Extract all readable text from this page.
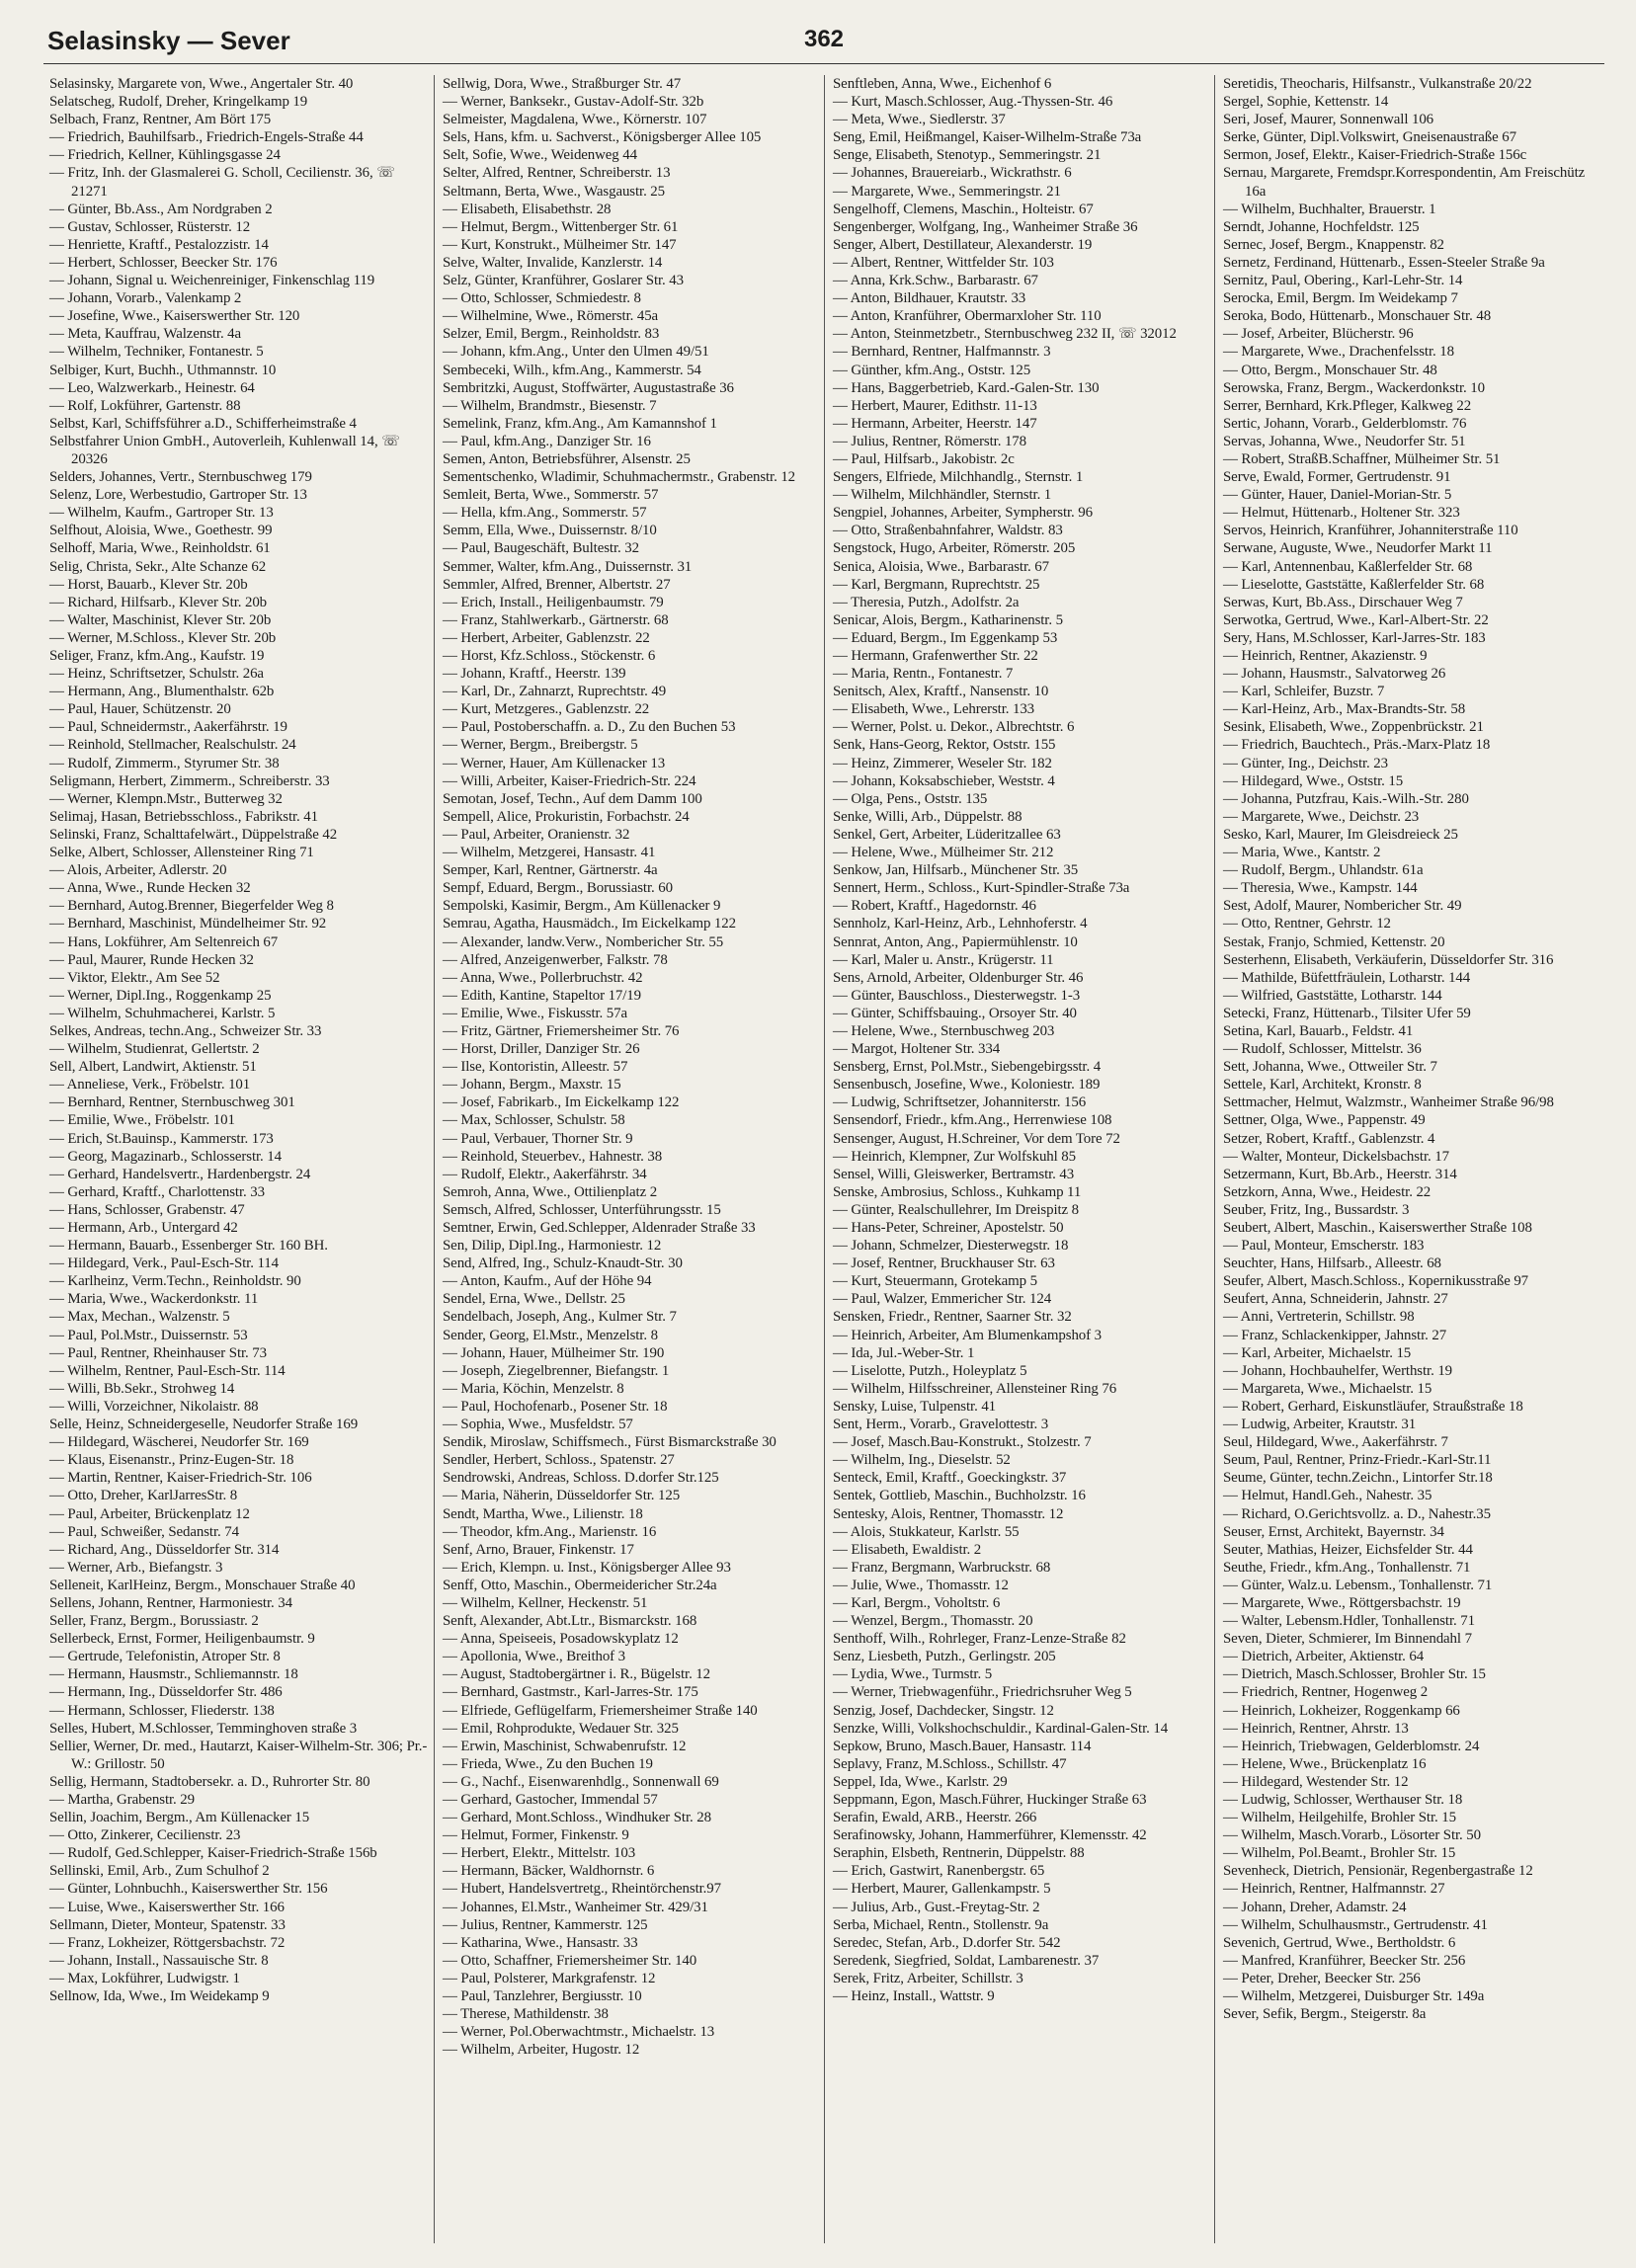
Selasinsky — Sever	362

Selasinsky, Margarete von, Wwe., Angertaler Str. 40

Selatscheg, Rudolf, Dreher, Kringelkamp 19

Selbach, Franz, Rentner, Am Bört 175

— Friedrich, Bauhilfsarb., Friedrich-Engels-Straße 44

— Friedrich, Kellner, Kühlingsgasse 24

— Fritz, Inh. der Glasmalerei G. Scholl, Cecilienstr. 36, ☏ 21271

— Günter, Bb.Ass., Am Nordgraben 2

— Gustav, Schlosser, Rüsterstr. 12

— Henriette, Kraftf., Pestalozzistr. 14

— Herbert, Schlosser, Beecker Str. 176

— Johann, Signal u. Weichenreiniger, Finkenschlag 119

— Johann, Vorarb., Valenkamp 2

— Josefine, Wwe., Kaiserswerther Str. 120

— Meta, Kauffrau, Walzenstr. 4a

— Wilhelm, Techniker, Fontanestr. 5

Selbiger, Kurt, Buchh., Uthmannstr. 10

— Leo, Walzwerkarb., Heinestr. 64

— Rolf, Lokführer, Gartenstr. 88

Selbst, Karl, Schiffsführer a.D., Schifferheimstraße 4

Selbstfahrer Union GmbH., Autoverleih, Kuhlenwall 14, ☏ 20326

Selders, Johannes, Vertr., Sternbuschweg 179

Selenz, Lore, Werbestudio, Gartroper Str. 13

— Wilhelm, Kaufm., Gartroper Str. 13

Selfhout, Aloisia, Wwe., Goethestr. 99

Selhoff, Maria, Wwe., Reinholdstr. 61

Selig, Christa, Sekr., Alte Schanze 62

— Horst, Bauarb., Klever Str. 20b

— Richard, Hilfsarb., Klever Str. 20b

— Walter, Maschinist, Klever Str. 20b

— Werner, M.Schloss., Klever Str. 20b

Seliger, Franz, kfm.Ang., Kaufstr. 19

— Heinz, Schriftsetzer, Schulstr. 26a

— Hermann, Ang., Blumenthalstr. 62b

— Paul, Hauer, Schützenstr. 20

— Paul, Schneidermstr., Aakerfährstr. 19

— Reinhold, Stellmacher, Realschulstr. 24

— Rudolf, Zimmerm., Styrumer Str. 38

Seligmann, Herbert, Zimmerm., Schreiberstr. 33

— Werner, Klempn.Mstr., Butterweg 32

Selimaj, Hasan, Betriebsschloss., Fabrikstr. 41

Selinski, Franz, Schalttafelwärt., Düppelstraße 42

Selke, Albert, Schlosser, Allensteiner Ring 71

— Alois, Arbeiter, Adlerstr. 20

— Anna, Wwe., Runde Hecken 32

— Bernhard, Autog.Brenner, Biegerfelder Weg 8

— Bernhard, Maschinist, Mündelheimer Str. 92

— Hans, Lokführer, Am Seltenreich 67

— Paul, Maurer, Runde Hecken 32

— Viktor, Elektr., Am See 52

— Werner, Dipl.Ing., Roggenkamp 25

— Wilhelm, Schuhmacherei, Karlstr. 5

Selkes, Andreas, techn.Ang., Schweizer Str. 33

— Wilhelm, Studienrat, Gellertstr. 2

Sell, Albert, Landwirt, Aktienstr. 51

— Anneliese, Verk., Fröbelstr. 101

— Bernhard, Rentner, Sternbuschweg 301

— Emilie, Wwe., Fröbelstr. 101

— Erich, St.Bauinsp., Kammerstr. 173

— Georg, Magazinarb., Schlosserstr. 14

— Gerhard, Handelsvertr., Hardenbergstr. 24

— Gerhard, Kraftf., Charlottenstr. 33

— Hans, Schlosser, Grabenstr. 47

— Hermann, Arb., Untergard 42

— Hermann, Bauarb., Essenberger Str. 160 BH.

— Hildegard, Verk., Paul-Esch-Str. 114

— Karlheinz, Verm.Techn., Reinholdstr. 90

— Maria, Wwe., Wackerdonkstr. 11

— Max, Mechan., Walzenstr. 5

— Paul, Pol.Mstr., Duissernstr. 53

— Paul, Rentner, Rheinhauser Str. 73

— Wilhelm, Rentner, Paul-Esch-Str. 114

— Willi, Bb.Sekr., Strohweg 14

— Willi, Vorzeichner, Nikolaistr. 88

Selle, Heinz, Schneidergeselle, Neudorfer Straße 169

— Hildegard, Wäscherei, Neudorfer Str. 169

— Klaus, Eisenanstr., Prinz-Eugen-Str. 18

— Martin, Rentner, Kaiser-Friedrich-Str. 106

— Otto, Dreher, KarlJarresStr. 8

— Paul, Arbeiter, Brückenplatz 12

— Paul, Schweißer, Sedanstr. 74

— Richard, Ang., Düsseldorfer Str. 314

— Werner, Arb., Biefangstr. 3

Selleneit, KarlHeinz, Bergm., Monschauer Straße 40

Sellens, Johann, Rentner, Harmoniestr. 34

Seller, Franz, Bergm., Borussiastr. 2

Sellerbeck, Ernst, Former, Heiligenbaumstr. 9

— Gertrude, Telefonistin, Atroper Str. 8

— Hermann, Hausmstr., Schliemannstr. 18

— Hermann, Ing., Düsseldorfer Str. 486

— Hermann, Schlosser, Fliederstr. 138

Selles, Hubert, M.Schlosser, Temminghoven straße 3

Sellier, Werner, Dr. med., Hautarzt, Kaiser-Wilhelm-Str. 306; Pr.-W.: Grillostr. 50

Sellig, Hermann, Stadtobersekr. a. D., Ruhrorter Str. 80

— Martha, Grabenstr. 29

Sellin, Joachim, Bergm., Am Küllenacker 15

— Otto, Zinkerer, Cecilienstr. 23

— Rudolf, Ged.Schlepper, Kaiser-Friedrich-Straße 156b

Sellinski, Emil, Arb., Zum Schulhof 2

— Günter, Lohnbuchh., Kaiserswerther Str. 156

— Luise, Wwe., Kaiserswerther Str. 166

Sellmann, Dieter, Monteur, Spatenstr. 33

— Franz, Lokheizer, Röttgersbachstr. 72

— Johann, Install., Nassauische Str. 8

— Max, Lokführer, Ludwigstr. 1

Sellnow, Ida, Wwe., Im Weidekamp 9

Sellwig, Dora, Wwe., Straßburger Str. 47

— Werner, Banksekr., Gustav-Adolf-Str. 32b

Selmeister, Magdalena, Wwe., Körnerstr. 107

Sels, Hans, kfm. u. Sachverst., Königsberger Allee 105

Selt, Sofie, Wwe., Weidenweg 44

Selter, Alfred, Rentner, Schreiberstr. 13

Seltmann, Berta, Wwe., Wasgaustr. 25

— Elisabeth, Elisabethstr. 28

— Helmut, Bergm., Wittenberger Str. 61

— Kurt, Konstrukt., Mülheimer Str. 147

Selve, Walter, Invalide, Kanzlerstr. 14

Selz, Günter, Kranführer, Goslarer Str. 43

— Otto, Schlosser, Schmiedestr. 8

— Wilhelmine, Wwe., Römerstr. 45a

Selzer, Emil, Bergm., Reinholdstr. 83

— Johann, kfm.Ang., Unter den Ulmen 49/51

Sembeceki, Wilh., kfm.Ang., Kammerstr. 54

Sembritzki, August, Stoffwärter, Augustastraße 36

— Wilhelm, Brandmstr., Biesenstr. 7

Semelink, Franz, kfm.Ang., Am Kamannshof 1

— Paul, kfm.Ang., Danziger Str. 16

Semen, Anton, Betriebsführer, Alsenstr. 25

Sementschenko, Wladimir, Schuhmachermstr., Grabenstr. 12

Semleit, Berta, Wwe., Sommerstr. 57

— Hella, kfm.Ang., Sommerstr. 57

Semm, Ella, Wwe., Duissernstr. 8/10

— Paul, Baugeschäft, Bultestr. 32

Semmer, Walter, kfm.Ang., Duissernstr. 31

Semmler, Alfred, Brenner, Albertstr. 27

— Erich, Install., Heiligenbaumstr. 79

— Franz, Stahlwerkarb., Gärtnerstr. 68

— Herbert, Arbeiter, Gablenzstr. 22

— Horst, Kfz.Schloss., Stöckenstr. 6

— Johann, Kraftf., Heerstr. 139

— Karl, Dr., Zahnarzt, Ruprechtstr. 49

— Kurt, Metzgeres., Gablenzstr. 22

— Paul, Postoberschaffn. a. D., Zu den Buchen 53

— Werner, Bergm., Breibergstr. 5

— Werner, Hauer, Am Küllenacker 13

— Willi, Arbeiter, Kaiser-Friedrich-Str. 224

Semotan, Josef, Techn., Auf dem Damm 100

Sempell, Alice, Prokuristin, Forbachstr. 24

— Paul, Arbeiter, Oranienstr. 32

— Wilhelm, Metzgerei, Hansastr. 41

Semper, Karl, Rentner, Gärtnerstr. 4a

Sempf, Eduard, Bergm., Borussiastr. 60

Sempolski, Kasimir, Bergm., Am Küllenacker 9

Semrau, Agatha, Hausmädch., Im Eickelkamp 122

— Alexander, landw.Verw., Nombericher Str. 55

— Alfred, Anzeigenwerber, Falkstr. 78

— Anna, Wwe., Pollerbruchstr. 42

— Edith, Kantine, Stapeltor 17/19

— Emilie, Wwe., Fiskusstr. 57a

— Fritz, Gärtner, Friemersheimer Str. 76

— Horst, Driller, Danziger Str. 26

— Ilse, Kontoristin, Alleestr. 57

— Johann, Bergm., Maxstr. 15

— Josef, Fabrikarb., Im Eickelkamp 122

— Max, Schlosser, Schulstr. 58

— Paul, Verbauer, Thorner Str. 9

— Reinhold, Steuerbev., Hahnestr. 38

— Rudolf, Elektr., Aakerfährstr. 34

Semroh, Anna, Wwe., Ottilienplatz 2

Semsch, Alfred, Schlosser, Unterführungsstr. 15

Semtner, Erwin, Ged.Schlepper, Aldenrader Straße 33

Sen, Dilip, Dipl.Ing., Harmoniestr. 12

Send, Alfred, Ing., Schulz-Knaudt-Str. 30

— Anton, Kaufm., Auf der Höhe 94

Sendel, Erna, Wwe., Dellstr. 25

Sendelbach, Joseph, Ang., Kulmer Str. 7

Sender, Georg, El.Mstr., Menzelstr. 8

— Johann, Hauer, Mülheimer Str. 190

— Joseph, Ziegelbrenner, Biefangstr. 1

— Maria, Köchin, Menzelstr. 8

— Paul, Hochofenarb., Posener Str. 18

— Sophia, Wwe., Musfeldstr. 57

Sendik, Miroslaw, Schiffsmech., Fürst Bismarckstraße 30

Sendler, Herbert, Schloss., Spatenstr. 27

Sendrowski, Andreas, Schloss. D.dorfer Str.125

— Maria, Näherin, Düsseldorfer Str. 125

Sendt, Martha, Wwe., Lilienstr. 18

— Theodor, kfm.Ang., Marienstr. 16

Senf, Arno, Brauer, Finkenstr. 17

— Erich, Klempn. u. Inst., Königsberger Allee 93

Senff, Otto, Maschin., Obermeidericher Str.24a

— Wilhelm, Kellner, Heckenstr. 51

Senft, Alexander, Abt.Ltr., Bismarckstr. 168

— Anna, Speiseeis, Posadowskyplatz 12

— Apollonia, Wwe., Breithof 3

— August, Stadtobergärtner i. R., Bügelstr. 12

— Bernhard, Gastmstr., Karl-Jarres-Str. 175

— Elfriede, Geflügelfarm, Friemersheimer Straße 140

— Emil, Rohprodukte, Wedauer Str. 325

— Erwin, Maschinist, Schwabenrufstr. 12

— Frieda, Wwe., Zu den Buchen 19

— G., Nachf., Eisenwarenhdlg., Sonnenwall 69

— Gerhard, Gastocher, Immendal 57

— Gerhard, Mont.Schloss., Windhuker Str. 28

— Helmut, Former, Finkenstr. 9

— Herbert, Elektr., Mittelstr. 103

— Hermann, Bäcker, Waldhornstr. 6

— Hubert, Handelsvertretg., Rheintörchenstr.97

— Johannes, El.Mstr., Wanheimer Str. 429/31

— Julius, Rentner, Kammerstr. 125

— Katharina, Wwe., Hansastr. 33

— Otto, Schaffner, Friemersheimer Str. 140

— Paul, Polsterer, Markgrafenstr. 12

— Paul, Tanzlehrer, Bergiusstr. 10

— Therese, Mathildenstr. 38

— Werner, Pol.Oberwachtmstr., Michaelstr. 13

— Wilhelm, Arbeiter, Hugostr. 12

Senftleben, Anna, Wwe., Eichenhof 6

— Kurt, Masch.Schlosser, Aug.-Thyssen-Str. 46

— Meta, Wwe., Siedlerstr. 37

Seng, Emil, Heißmangel, Kaiser-Wilhelm-Straße 73a

Senge, Elisabeth, Stenotyp., Semmeringstr. 21

— Johannes, Brauereiarb., Wickrathstr. 6

— Margarete, Wwe., Semmeringstr. 21

Sengelhoff, Clemens, Maschin., Holteistr. 67

Sengenberger, Wolfgang, Ing., Wanheimer Straße 36

Senger, Albert, Destillateur, Alexanderstr. 19

— Albert, Rentner, Wittfelder Str. 103

— Anna, Krk.Schw., Barbarastr. 67

— Anton, Bildhauer, Krautstr. 33

— Anton, Kranführer, Obermarxloher Str. 110

— Anton, Steinmetzbetr., Sternbuschweg 232 II, ☏ 32012

— Bernhard, Rentner, Halfmannstr. 3

— Günther, kfm.Ang., Oststr. 125

— Hans, Baggerbetrieb, Kard.-Galen-Str. 130

— Herbert, Maurer, Edithstr. 11-13

— Hermann, Arbeiter, Heerstr. 147

— Julius, Rentner, Römerstr. 178

— Paul, Hilfsarb., Jakobistr. 2c

Sengers, Elfriede, Milchhandlg., Sternstr. 1

— Wilhelm, Milchhändler, Sternstr. 1

Sengpiel, Johannes, Arbeiter, Sympherstr. 96

— Otto, Straßenbahnfahrer, Waldstr. 83

Sengstock, Hugo, Arbeiter, Römerstr. 205

Senica, Aloisia, Wwe., Barbarastr. 67

— Karl, Bergmann, Ruprechtstr. 25

— Theresia, Putzh., Adolfstr. 2a

Senicar, Alois, Bergm., Katharinenstr. 5

— Eduard, Bergm., Im Eggenkamp 53

— Hermann, Grafenwerther Str. 22

— Maria, Rentn., Fontanestr. 7

Senitsch, Alex, Kraftf., Nansenstr. 10

— Elisabeth, Wwe., Lehrerstr. 133

— Werner, Polst. u. Dekor., Albrechtstr. 6

Senk, Hans-Georg, Rektor, Oststr. 155

— Heinz, Zimmerer, Weseler Str. 182

— Johann, Koksabschieber, Weststr. 4

— Olga, Pens., Oststr. 135

Senke, Willi, Arb., Düppelstr. 88

Senkel, Gert, Arbeiter, Lüderitzallee 63

— Helene, Wwe., Mülheimer Str. 212

Senkow, Jan, Hilfsarb., Münchener Str. 35

Sennert, Herm., Schloss., Kurt-Spindler-Straße 73a

— Robert, Kraftf., Hagedornstr. 46

Sennholz, Karl-Heinz, Arb., Lehnhoferstr. 4

Sennrat, Anton, Ang., Papiermühlenstr. 10

— Karl, Maler u. Anstr., Krügerstr. 11

Sens, Arnold, Arbeiter, Oldenburger Str. 46

— Günter, Bauschloss., Diesterwegstr. 1-3

— Günter, Schiffsbauing., Orsoyer Str. 40

— Helene, Wwe., Sternbuschweg 203

— Margot, Holtener Str. 334

Sensberg, Ernst, Pol.Mstr., Siebengebirgsstr. 4

Sensenbusch, Josefine, Wwe., Koloniestr. 189

— Ludwig, Schriftsetzer, Johanniterstr. 156

Sensendorf, Friedr., kfm.Ang., Herrenwiese 108

Sensenger, August, H.Schreiner, Vor dem Tore 72

— Heinrich, Klempner, Zur Wolfskuhl 85

Sensel, Willi, Gleiswerker, Bertramstr. 43

Senske, Ambrosius, Schloss., Kuhkamp 11

— Günter, Realschullehrer, Im Dreispitz 8

— Hans-Peter, Schreiner, Apostelstr. 50

— Johann, Schmelzer, Diesterwegstr. 18

— Josef, Rentner, Bruckhauser Str. 63

— Kurt, Steuermann, Grotekamp 5

— Paul, Walzer, Emmericher Str. 124

Sensken, Friedr., Rentner, Saarner Str. 32

— Heinrich, Arbeiter, Am Blumenkampshof 3

— Ida, Jul.-Weber-Str. 1

— Liselotte, Putzh., Holeyplatz 5

— Wilhelm, Hilfsschreiner, Allensteiner Ring 76

Sensky, Luise, Tulpenstr. 41

Sent, Herm., Vorarb., Gravelottestr. 3

— Josef, Masch.Bau-Konstrukt., Stolzestr. 7

— Wilhelm, Ing., Dieselstr. 52

Senteck, Emil, Kraftf., Goeckingkstr. 37

Sentek, Gottlieb, Maschin., Buchholzstr. 16

Sentesky, Alois, Rentner, Thomasstr. 12

— Alois, Stukkateur, Karlstr. 55

— Elisabeth, Ewaldistr. 2

— Franz, Bergmann, Warbruckstr. 68

— Julie, Wwe., Thomasstr. 12

— Karl, Bergm., Voholtstr. 6

— Wenzel, Bergm., Thomasstr. 20

Senthoff, Wilh., Rohrleger, Franz-Lenze-Straße 82

Senz, Liesbeth, Putzh., Gerlingstr. 205

— Lydia, Wwe., Turmstr. 5

— Werner, Triebwagenführ., Friedrichsruher Weg 5

Senzig, Josef, Dachdecker, Singstr. 12

Senzke, Willi, Volkshochschuldir., Kardinal-Galen-Str. 14

Sepkow, Bruno, Masch.Bauer, Hansastr. 114

Seplavy, Franz, M.Schloss., Schillstr. 47

Seppel, Ida, Wwe., Karlstr. 29

Seppmann, Egon, Masch.Führer, Huckinger Straße 63

Serafin, Ewald, ARB., Heerstr. 266

Serafinowsky, Johann, Hammerführer, Klemensstr. 42

Seraphin, Elsbeth, Rentnerin, Düppelstr. 88

— Erich, Gastwirt, Ranenbergstr. 65

— Herbert, Maurer, Gallenkampstr. 5

— Julius, Arb., Gust.-Freytag-Str. 2

Serba, Michael, Rentn., Stollenstr. 9a

Seredec, Stefan, Arb., D.dorfer Str. 542

Seredenk, Siegfried, Soldat, Lambarenestr. 37

Serek, Fritz, Arbeiter, Schillstr. 3

— Heinz, Install., Wattstr. 9

Seretidis, Theocharis, Hilfsanstr., Vulkanstraße 20/22

Sergel, Sophie, Kettenstr. 14

Seri, Josef, Maurer, Sonnenwall 106

Serke, Günter, Dipl.Volkswirt, Gneisenaustraße 67

Sermon, Josef, Elektr., Kaiser-Friedrich-Straße 156c

Sernau, Margarete, Fremdspr.Korrespondentin, Am Freischütz 16a

— Wilhelm, Buchhalter, Brauerstr. 1

Serndt, Johanne, Hochfeldstr. 125

Sernec, Josef, Bergm., Knappenstr. 82

Sernetz, Ferdinand, Hüttenarb., Essen-Steeler Straße 9a

Sernitz, Paul, Obering., Karl-Lehr-Str. 14

Serocka, Emil, Bergm. Im Weidekamp 7

Seroka, Bodo, Hüttenarb., Monschauer Str. 48

— Josef, Arbeiter, Blücherstr. 96

— Margarete, Wwe., Drachenfelsstr. 18

— Otto, Bergm., Monschauer Str. 48

Serowska, Franz, Bergm., Wackerdonkstr. 10

Serrer, Bernhard, Krk.Pfleger, Kalkweg 22

Sertic, Johann, Vorarb., Gelderblomstr. 76

Servas, Johanna, Wwe., Neudorfer Str. 51

— Robert, StraßB.Schaffner, Mülheimer Str. 51

Serve, Ewald, Former, Gertrudenstr. 91

— Günter, Hauer, Daniel-Morian-Str. 5

— Helmut, Hüttenarb., Holtener Str. 323

Servos, Heinrich, Kranführer, Johanniterstraße 110

Serwane, Auguste, Wwe., Neudorfer Markt 11

— Karl, Antennenbau, Kaßlerfelder Str. 68

— Lieselotte, Gaststätte, Kaßlerfelder Str. 68

Serwas, Kurt, Bb.Ass., Dirschauer Weg 7

Serwotka, Gertrud, Wwe., Karl-Albert-Str. 22

Sery, Hans, M.Schlosser, Karl-Jarres-Str. 183

— Heinrich, Rentner, Akazienstr. 9

— Johann, Hausmstr., Salvatorweg 26

— Karl, Schleifer, Buzstr. 7

— Karl-Heinz, Arb., Max-Brandts-Str. 58

Sesink, Elisabeth, Wwe., Zoppenbrückstr. 21

— Friedrich, Bauchtech., Präs.-Marx-Platz 18

— Günter, Ing., Deichstr. 23

— Hildegard, Wwe., Oststr. 15

— Johanna, Putzfrau, Kais.-Wilh.-Str. 280

— Margarete, Wwe., Deichstr. 23

Sesko, Karl, Maurer, Im Gleisdreieck 25

— Maria, Wwe., Kantstr. 2

— Rudolf, Bergm., Uhlandstr. 61a

— Theresia, Wwe., Kampstr. 144

Sest, Adolf, Maurer, Nombericher Str. 49

— Otto, Rentner, Gehrstr. 12

Sestak, Franjo, Schmied, Kettenstr. 20

Sesterhenn, Elisabeth, Verkäuferin, Düsseldorfer Str. 316

— Mathilde, Büfettfräulein, Lotharstr. 144

— Wilfried, Gaststätte, Lotharstr. 144

Setecki, Franz, Hüttenarb., Tilsiter Ufer 59

Setina, Karl, Bauarb., Feldstr. 41

— Rudolf, Schlosser, Mittelstr. 36

Sett, Johanna, Wwe., Ottweiler Str. 7

Settele, Karl, Architekt, Kronstr. 8

Settmacher, Helmut, Walzmstr., Wanheimer Straße 96/98

Settner, Olga, Wwe., Pappenstr. 49

Setzer, Robert, Kraftf., Gablenzstr. 4

— Walter, Monteur, Dickelsbachstr. 17

Setzermann, Kurt, Bb.Arb., Heerstr. 314

Setzkorn, Anna, Wwe., Heidestr. 22

Seuber, Fritz, Ing., Bussardstr. 3

Seubert, Albert, Maschin., Kaiserswerther Straße 108

— Paul, Monteur, Emscherstr. 183

Seuchter, Hans, Hilfsarb., Alleestr. 68

Seufer, Albert, Masch.Schloss., Kopernikusstraße 97

Seufert, Anna, Schneiderin, Jahnstr. 27

— Anni, Vertreterin, Schillstr. 98

— Franz, Schlackenkipper, Jahnstr. 27

— Karl, Arbeiter, Michaelstr. 15

— Johann, Hochbauhelfer, Werthstr. 19

— Margareta, Wwe., Michaelstr. 15

— Robert, Gerhard, Eiskunstläufer, Straußstraße 18

— Ludwig, Arbeiter, Krautstr. 31

Seul, Hildegard, Wwe., Aakerfährstr. 7

Seum, Paul, Rentner, Prinz-Friedr.-Karl-Str.11

Seume, Günter, techn.Zeichn., Lintorfer Str.18

— Helmut, Handl.Geh., Nahestr. 35

— Richard, O.Gerichtsvollz. a. D., Nahestr.35

Seuser, Ernst, Architekt, Bayernstr. 34

Seuter, Mathias, Heizer, Eichsfelder Str. 44

Seuthe, Friedr., kfm.Ang., Tonhallenstr. 71

— Günter, Walz.u. Lebensm., Tonhallenstr. 71

— Margarete, Wwe., Röttgersbachstr. 19

— Walter, Lebensm.Hdler, Tonhallenstr. 71

Seven, Dieter, Schmierer, Im Binnendahl 7

— Dietrich, Arbeiter, Aktienstr. 64

— Dietrich, Masch.Schlosser, Brohler Str. 15

— Friedrich, Rentner, Hogenweg 2

— Heinrich, Lokheizer, Roggenkamp 66

— Heinrich, Rentner, Ahrstr. 13

— Heinrich, Triebwagen, Gelderblomstr. 24

— Helene, Wwe., Brückenplatz 16

— Hildegard, Westender Str. 12

— Ludwig, Schlosser, Werthauser Str. 18

— Wilhelm, Heilgehilfe, Brohler Str. 15

— Wilhelm, Masch.Vorarb., Lösorter Str. 50

— Wilhelm, Pol.Beamt., Brohler Str. 15

Sevenheck, Dietrich, Pensionär, Regenbergastraße 12

— Heinrich, Rentner, Halfmannstr. 27

— Johann, Dreher, Adamstr. 24

— Wilhelm, Schulhausmstr., Gertrudenstr. 41

Sevenich, Gertrud, Wwe., Bertholdstr. 6

— Manfred, Kranführer, Beecker Str. 256

— Peter, Dreher, Beecker Str. 256

— Wilhelm, Metzgerei, Duisburger Str. 149a

Sever, Sefik, Bergm., Steigerstr. 8a
